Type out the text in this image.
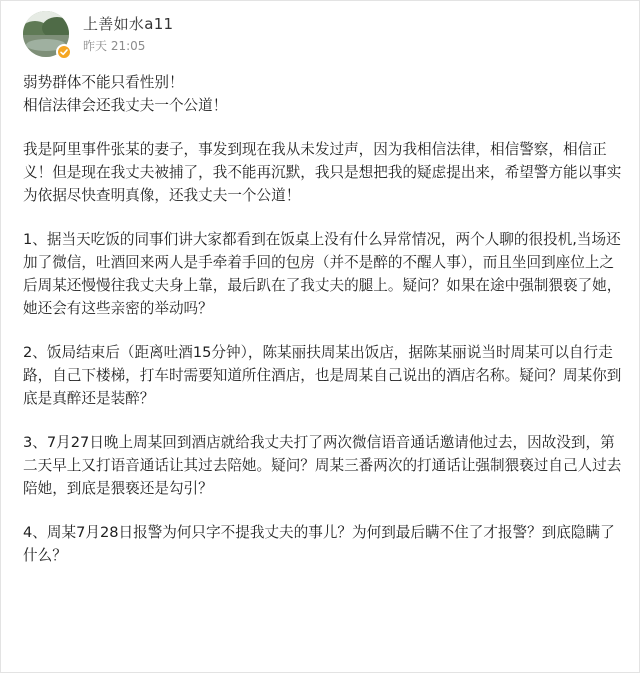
上善如水a11
昨天 21:05

弱势群体不能只看性别！
相信法律会还我丈夫一个公道！

我是阿里事件张某的妻子，事发到现在我从未发过声，因为我相信法律，相信警察，相信正义！但是现在我丈夫被捕了，我不能再沉默，我只是想把我的疑虑提出来，希望警方能以事实为依据尽快查明真像，还我丈夫一个公道！

1、据当天吃饭的同事们讲大家都看到在饭桌上没有什么异常情况，两个人聊的很投机,当场还加了微信，吐酒回来两人是手牵着手回的包房（并不是醉的不醒人事），而且坐回到座位上之后周某还慢慢往我丈夫身上靠，最后趴在了我丈夫的腿上。疑问？如果在途中强制猥亵了她，她还会有这些亲密的举动吗？

2、饭局结束后（距离吐酒15分钟），陈某丽扶周某出饭店，据陈某丽说当时周某可以自行走路，自己下楼梯，打车时需要知道所住酒店，也是周某自己说出的酒店名称。疑问？周某你到底是真醉还是装醉？

3、7月27日晚上周某回到酒店就给我丈夫打了两次微信语音通话邀请他过去，因故没到，第二天早上又打语音通话让其过去陪她。疑问？周某三番两次的打通话让强制猥亵过自己人过去陪她，到底是猥亵还是勾引？

4、周某7月28日报警为何只字不提我丈夫的事儿？为何到最后瞒不住了才报警？到底隐瞒了什么？
